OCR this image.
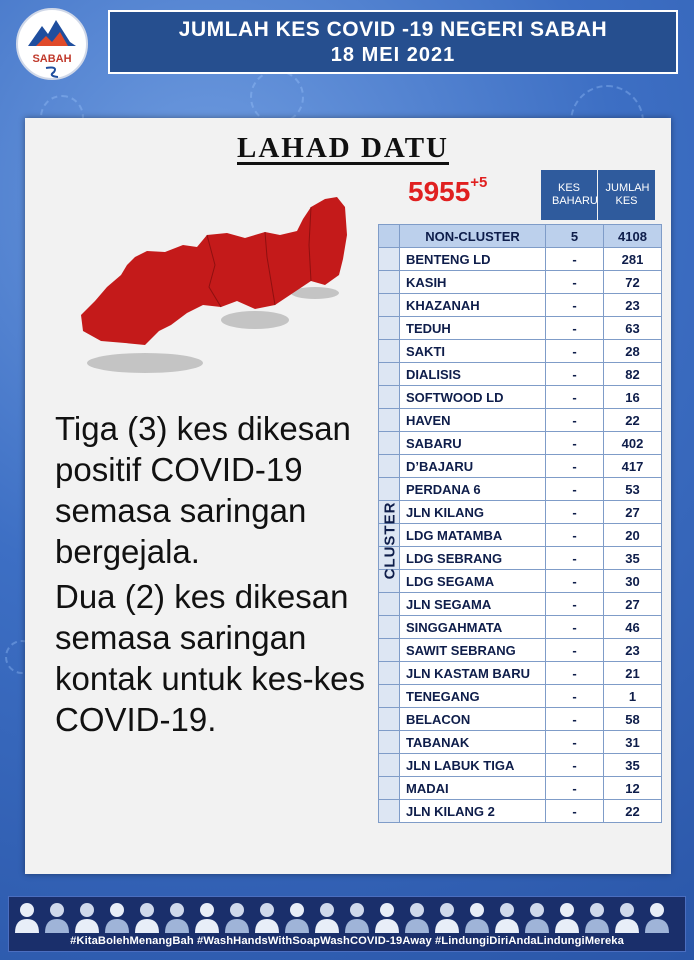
SABAH
JUMLAH KES COVID -19 NEGERI SABAH
18 MEI 2021
LAHAD DATU
$5955^{+5}$

Tiga (3) kes dikesan positif COVID-19 semasa saringan bergejala.

Dua (2) kes dikesan semasa saringan kontak untuk kes-kes COVID-19.

KES BAHARU
JUMLAH KES
	NON-CLUSTER	5	4108
	BENTENG LD	-	281
	KASIH	-	72
	KHAZANAH	-	23
	TEDUH	-	63
	SAKTI	-	28
	DIALISIS	-	82
	SOFTWOOD LD	-	16
	HAVEN	-	22
	SABARU	-	402
	D’BAJARU	-	417
	PERDANA 6	-	53
	JLN KILANG	-	27
	LDG MATAMBA	-	20
	LDG SEBRANG	-	35
	LDG SEGAMA	-	30
	JLN SEGAMA	-	27
	SINGGAHMATA	-	46
	SAWIT SEBRANG	-	23
	JLN KASTAM BARU	-	21
	TENEGANG	-	1
	BELACON	-	58
	TABANAK	-	31
	JLN LABUK TIGA	-	35
	MADAI	-	12
	JLN KILANG 2	-	22
CLUSTER
#KitaBolehMenangBah #WashHandsWithSoapWashCOVID-19Away #LindungiDiriAndaLindungiMereka
